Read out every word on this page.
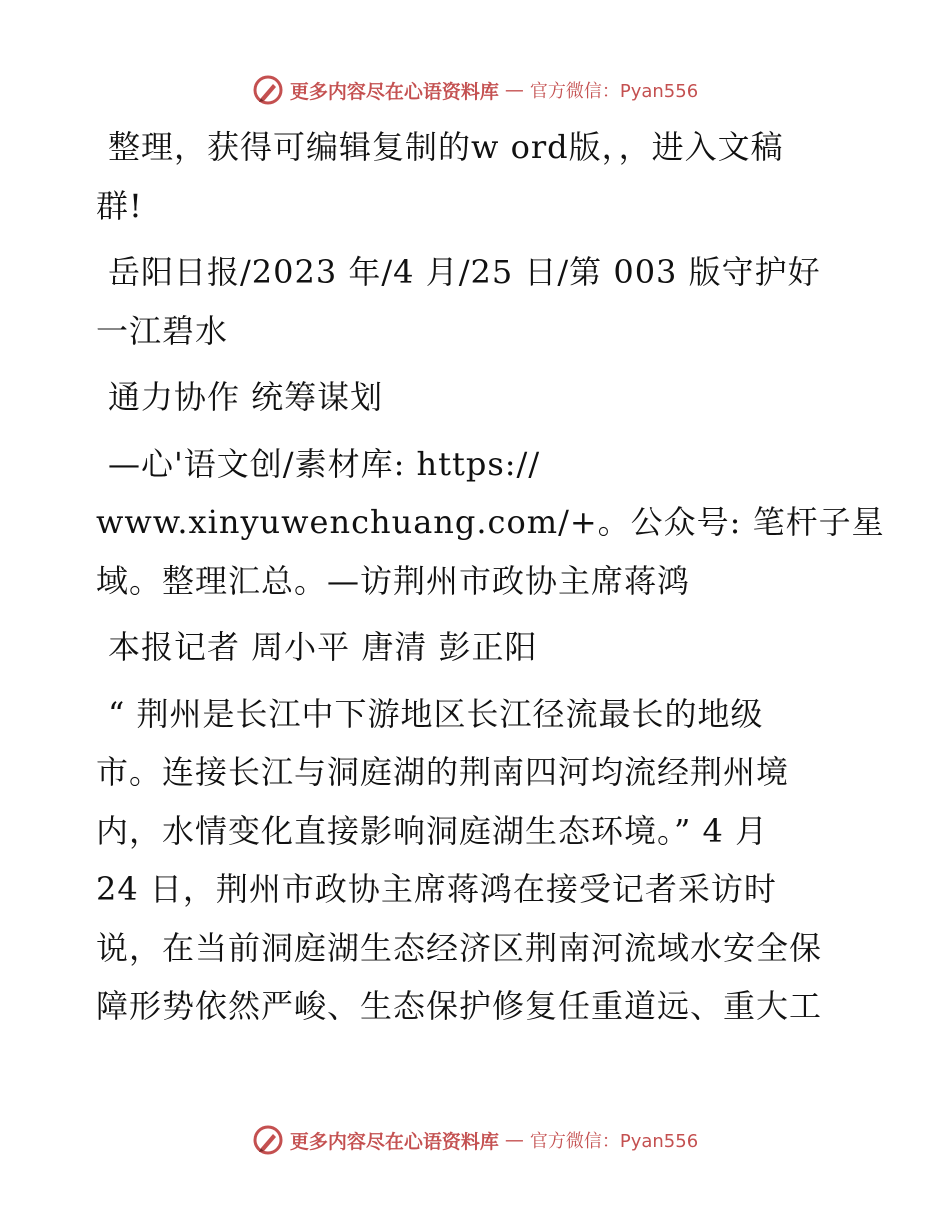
更多内容尽在心语资料库 — 官方微信：Pyan556

整理，获得可编辑复制的w ord版，，进入文稿
群!

岳阳日报/2023 年/4 月/25 日/第 003 版守护好
一江碧水

通力协作 统筹谋划

—心'语文创/素材库: https://
www.xinyuwenchuang.com/+。公众号: 笔杆子星
域。整理汇总。—访荆州市政协主席蒋鸿

本报记者 周小平 唐清 彭正阳

“ 荆州是长江中下游地区长江径流最长的地级
市。连接长江与洞庭湖的荆南四河均流经荆州境
内，水情变化直接影响洞庭湖生态环境。” 4 月
24 日，荆州市政协主席蒋鸿在接受记者采访时
说，在当前洞庭湖生态经济区荆南河流域水安全保
障形势依然严峻、生态保护修复任重道远、重大工

更多内容尽在心语资料库 — 官方微信：Pyan556
